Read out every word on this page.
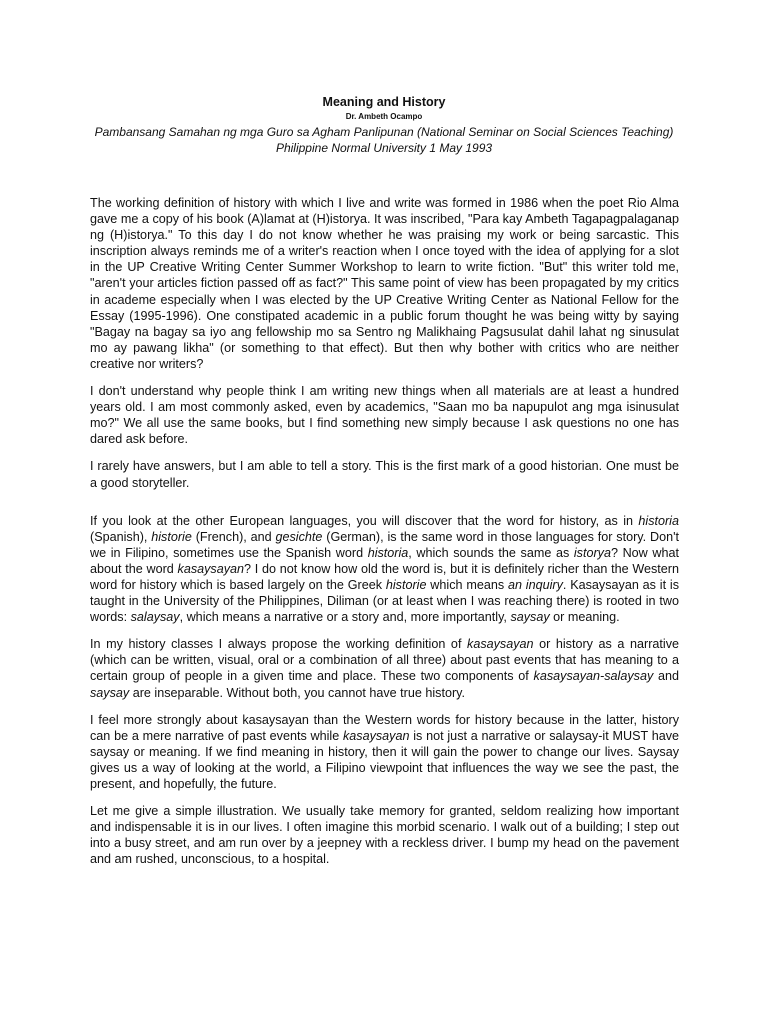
Meaning and History

Dr. Ambeth Ocampo

Pambansang Samahan ng mga Guro sa Agham Panlipunan (National Seminar on Social Sciences Teaching)

Philippine Normal University 1 May 1993

The working definition of history with which I live and write was formed in 1986 when the poet Rio Alma gave me a copy of his book (A)lamat at (H)istorya. It was inscribed, "Para kay Ambeth Tagapagpalaganap ng (H)istorya." To this day I do not know whether he was praising my work or being sarcastic. This inscription always reminds me of a writer's reaction when I once toyed with the idea of applying for a slot in the UP Creative Writing Center Summer Workshop to learn to write fiction. "But" this writer told me, "aren't your articles fiction passed off as fact?" This same point of view has been propagated by my critics in academe especially when I was elected by the UP Creative Writing Center as National Fellow for the Essay (1995-1996). One constipated academic in a public forum thought he was being witty by saying "Bagay na bagay sa iyo ang fellowship mo sa Sentro ng Malikhaing Pagsusulat dahil lahat ng sinusulat mo ay pawang likha" (or something to that effect). But then why bother with critics who are neither creative nor writers?

I don't understand why people think I am writing new things when all materials are at least a hundred years old. I am most commonly asked, even by academics, "Saan mo ba napupulot ang mga isinusulat mo?" We all use the same books, but I find something new simply because I ask questions no one has dared ask before.

I rarely have answers, but I am able to tell a story. This is the first mark of a good historian. One must be a good storyteller.

If you look at the other European languages, you will discover that the word for history, as in historia (Spanish), historie (French), and gesichte (German), is the same word in those languages for story. Don't we in Filipino, sometimes use the Spanish word historia, which sounds the same as istorya? Now what about the word kasaysayan? I do not know how old the word is, but it is definitely richer than the Western word for history which is based largely on the Greek historie which means an inquiry. Kasaysayan as it is taught in the University of the Philippines, Diliman (or at least when I was reaching there) is rooted in two words: salaysay, which means a narrative or a story and, more importantly, saysay or meaning.

In my history classes I always propose the working definition of kasaysayan or history as a narrative (which can be written, visual, oral or a combination of all three) about past events that has meaning to a certain group of people in a given time and place. These two components of kasaysayan-salaysay and saysay are inseparable. Without both, you cannot have true history.

I feel more strongly about kasaysayan than the Western words for history because in the latter, history can be a mere narrative of past events while kasaysayan is not just a narrative or salaysay-it MUST have saysay or meaning. If we find meaning in history, then it will gain the power to change our lives. Saysay gives us a way of looking at the world, a Filipino viewpoint that influences the way we see the past, the present, and hopefully, the future.

Let me give a simple illustration. We usually take memory for granted, seldom realizing how important and indispensable it is in our lives. I often imagine this morbid scenario. I walk out of a building; I step out into a busy street, and am run over by a jeepney with a reckless driver. I bump my head on the pavement and am rushed, unconscious, to a hospital.
